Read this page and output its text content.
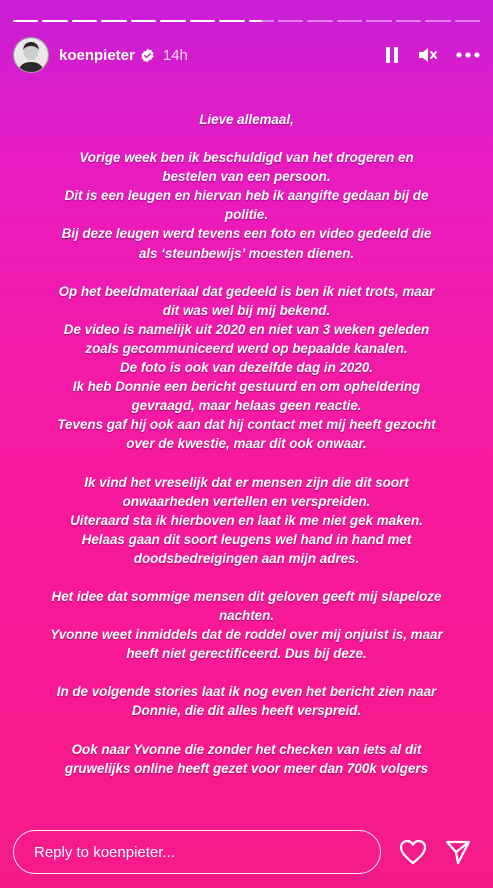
koenpieter 14h
Lieve allemaal,
Vorige week ben ik beschuldigd van het drogeren en
bestelen van een persoon.
Dit is een leugen en hiervan heb ik aangifte gedaan bij de
politie.
Bij deze leugen werd tevens een foto en video gedeeld die
als ‘steunbewijs’ moesten dienen.
Op het beeldmateriaal dat gedeeld is ben ik niet trots, maar
dit was wel bij mij bekend.
De video is namelijk uit 2020 en niet van 3 weken geleden
zoals gecommuniceerd werd op bepaalde kanalen.
De foto is ook van dezelfde dag in 2020.
Ik heb Donnie een bericht gestuurd en om opheldering
gevraagd, maar helaas geen reactie.
Tevens gaf hij ook aan dat hij contact met mij heeft gezocht
over de kwestie, maar dit ook onwaar.
Ik vind het vreselijk dat er mensen zijn die dit soort
onwaarheden vertellen en verspreiden.
Uiteraard sta ik hierboven en laat ik me niet gek maken.
Helaas gaan dit soort leugens wel hand in hand met
doodsbedreigingen aan mijn adres.
Het idee dat sommige mensen dit geloven geeft mij slapeloze
nachten.
Yvonne weet inmiddels dat de roddel over mij onjuist is, maar
heeft niet gerectificeerd. Dus bij deze.
In de volgende stories laat ik nog even het bericht zien naar
Donnie, die dit alles heeft verspreid.
Ook naar Yvonne die zonder het checken van iets al dit
gruwelijks online heeft gezet voor meer dan 700k volgers
Reply to koenpieter...
